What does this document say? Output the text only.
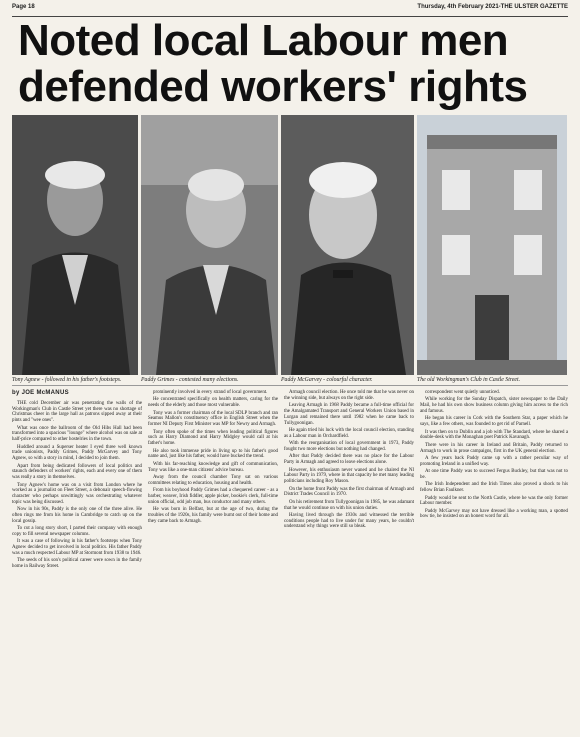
Page 18	Thursday, 4th February 2021-THE ULSTER GAZETTE
Noted local Labour men
defended workers' rights
Tony Agnew - followed in his father's footsteps.	Paddy Grimes - contested many elections.	Paddy McGarvey - colourful character.	The old Workingman's Club in Castle Street.
by JOE McMANUS

THE cold December air was penetrating the walls of the Workingman's Club in Castle Street yet there was no shortage of Christmas cheer in the large hall as patrons sipped away at their pints and "wee ones".

What was once the ballroom of the Old Hibs Hall had been transformed into a spacious "lounge" where alcohol was on sale at half-price compared to other hostelries in the town.

Huddled around a Superser heater I eyed three well known trade unionists, Paddy Grimes, Paddy McGarvey and Tony Agnew, so with a story in mind, I decided to join them.

Apart from being dedicated followers of local politics and staunch defenders of workers' rights, each and every one of them was really a story in themselves.

Tony Agnew's home was on a visit from London where he worked as a journalist on Fleet Street, a debonair speech-flowing character who perhaps unwittingly was orchestrating whatever topic was being discussed.

Now in his 90s, Paddy is the only one of the three alive. He often rings me from his home in Cambridge to catch up on the local gossip.

To cut a long story short, I parted their company with enough copy to fill several newspaper columns.

It was a case of following in his father's footsteps when Tony Agnew decided to get involved in local politics. His father Paddy was a much respected Labour MP at Stormont from 1938 to 1946.

The seeds of his son's political career were sown in the family home in Railway Street.

prominently involved in every strand of local government.

He concentrated specifically on health matters, caring for the needs of the elderly and those most vulnerable.

Tony was a former chairman of the local SDLP branch and ran Seamus Mallon's constituency office in English Street when the former NI Deputy First Minister was MP for Newry and Armagh.

Tony often spoke of the times when leading political figures such as Harry Diamond and Harry Midgley would call at his father's home.

He also took immense pride in living up to his father's good name and, just like his father, would have bucked the trend.

With his far-reaching knowledge and gift of communication, Tony was like a one-man citizens' advice bureau.

Away from the council chamber Tony sat on various committees relating to education, housing and health.

From his boyhood Paddy Grimes had a chequered career - as a barber, weaver, Irish fiddler, apple picker, bookie's clerk, full-time union official, odd job man, bus conductor and many others.

He was born in Belfast, but at the age of two, during the troubles of the 1920s, his family were burnt out of their home and they came back to Armagh.

Armagh council election. He once told me that he was never on the winning side, but always on the right side.

Leaving Armagh in 1968 Paddy became a full-time official for the Amalgamated Transport and General Workers Union based in Lurgan and remained there until 1982 when he came back to Tullygoonigan.

He again tried his luck with the local council election, standing as a Labour man in Orchardfield.

With the reorganisation of local government in 1973, Paddy fought two more elections but nothing had changed.

After that Paddy decided there was no place for the Labour Party in Armagh and agreed to leave elections alone.

However, his enthusiasm never waned and he chaired the NI Labour Party in 1979, where in that capacity he met many leading politicians including Roy Mason.

On the home front Paddy was the first chairman of Armagh and District Trades Council in 1970.

On his retirement from Tullygoonigan in 1985, he was adamant that he would continue on with his union duties.

Having lived through the 1930s and witnessed the terrible conditions people had to live under for many years, he couldn't understand why things were still so bleak.

correspondent went quietly unnoticed.

While working for the Sunday Dispatch, sister newspaper to the Daily Mail, he had his own show business column giving him access to the rich and famous.

He began his career in Cork with the Southern Star, a paper which he says, like a few others, was founded to get rid of Parnell.

It was then on to Dublin and a job with The Standard, where he shared a double-desk with the Monaghan poet Patrick Kavanagh.

There were in his career in Ireland and Britain, Paddy returned to Armagh to work in prose campaigns, first in the UK general election.

A few years back Paddy came up with a rather peculiar way of promoting Ireland in a unified way.

At one time Paddy was to succeed Fergus Buckley, but that was not to be.

The Irish Independent and the Irish Times also proved a shock to his fellow Brian Faulkner.

Paddy would be sent to the North Castle, where he was the only former Labour member.

Paddy McGarvey may not have dressed like a working man, a spotted bow tie, he insisted on an honest word for all.
